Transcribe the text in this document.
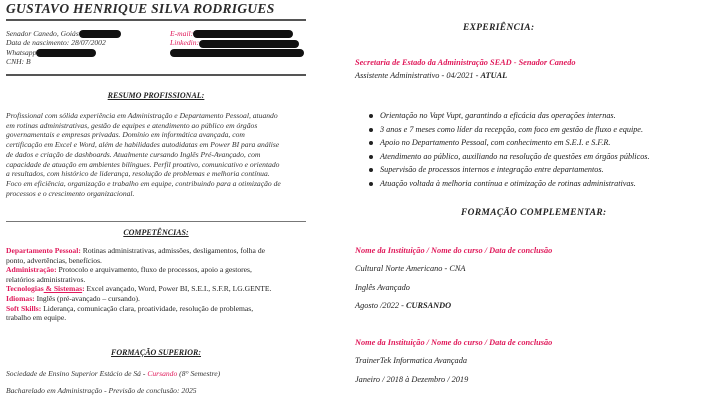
GUSTAVO HENRIQUE SILVA RODRIGUES
Senador Canedo, Goiás
Data de nascimento: 28/07/2002
Whatsapp
CNH: B
E-mail:
Linkedin:
RESUMO PROFISSIONAL:
Profissional com sólida experiência em Administração e Departamento Pessoal, atuando
em rotinas administrativas, gestão de equipes e atendimento ao público em órgãos
governamentais e empresas privadas. Domínio em informática avançada, com
certificação em Excel e Word, além de habilidades autodidatas em Power BI para análise
de dados e criação de dashboards. Atualmente cursando Inglês Pré-Avançado, com
capacidade de atuação em ambientes bilíngues. Perfil proativo, comunicativo e orientado
a resultados, com histórico de liderança, resolução de problemas e melhoria contínua.
Foco em eficiência, organização e trabalho em equipe, contribuindo para a otimização de
processos e o crescimento organizacional.
COMPETÊNCIAS:
Departamento Pessoal: Rotinas administrativas, admissões, desligamentos, folha de
ponto, advertências, benefícios.
Administração: Protocolo e arquivamento, fluxo de processos, apoio a gestores,
relatórios administrativos.
Tecnologias & Sistemas: Excel avançado, Word, Power BI, S.E.I., S.F.R, LG.GENTE.
Idiomas: Inglês (pré-avançado – cursando).
Soft Skills: Liderança, comunicação clara, proatividade, resolução de problemas,
trabalho em equipe.
FORMAÇÃO SUPERIOR:
Sociedade de Ensino Superior Estácio de Sá - Cursando (8° Semestre)
Bacharelado em Administração - Previsão de conclusão: 2025
EXPERIÊNCIA:
Secretaria de Estado da Administração SEAD - Senador Canedo
Assistente Administrativo - 04/2021 - ATUAL
Orientação no Vapt Vupt, garantindo a eficácia das operações internas.
3 anos e 7 meses como líder da recepção, com foco em gestão de fluxo e equipe.
Apoio no Departamento Pessoal, com conhecimento em S.E.I. e S.F.R.
Atendimento ao público, auxiliando na resolução de questões em órgãos públicos.
Supervisão de processos internos e integração entre departamentos.
Atuação voltada à melhoria contínua e otimização de rotinas administrativas.
FORMAÇÃO COMPLEMENTAR:
Nome da Instituição / Nome do curso / Data de conclusão
Cultural Norte Americano - CNA
Inglês Avançado
Agosto /2022 - CURSANDO
Nome da Instituição / Nome do curso / Data de conclusão
TrainerTek Informatica Avançada
Janeiro / 2018 à Dezembro / 2019
